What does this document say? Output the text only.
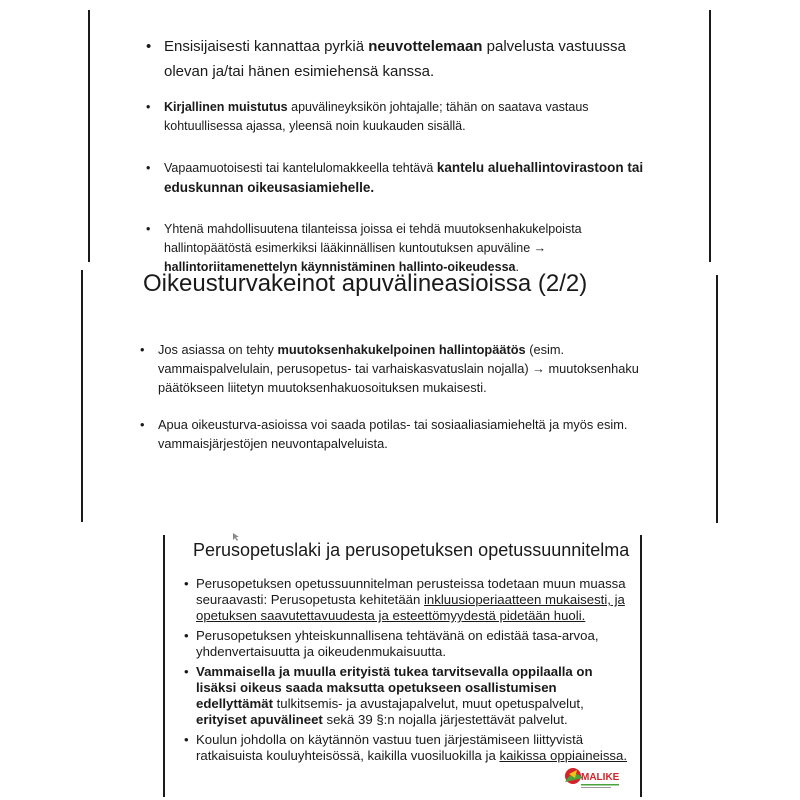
• Ensisijaisesti kannattaa pyrkiä neuvottelemaan palvelusta vastuussa olevan ja/tai hänen esimiehensä kanssa.
• Kirjallinen muistutus apuvälineyksikön johtajalle; tähän on saatava vastaus kohtuullisessa ajassa, yleensä noin kuukauden sisällä.
• Vapaamuotoisesti tai kantelulomakkeella tehtävä kantelu aluehallintovirastoon tai eduskunnan oikeusasiamiehelle.
• Yhtenä mahdollisuutena tilanteissa joissa ei tehdä muutoksenhakukelpoista hallintopäätöstä esimerkiksi lääkinnällisen kuntoutuksen apuväline → hallintoriitamenettelyn käynnistäminen hallinto-oikeudessa.
Oikeusturvakeinot apuvälineasioissa (2/2)
• Jos asiassa on tehty muutoksenhakukelpoinen hallintopäätös (esim. vammaispalvelulain, perusopetus- tai varhaiskasvatuslain nojalla) → muutoksenhaku päätökseen liitetyn muutoksenhakuosoituksen mukaisesti.
• Apua oikeusturva-asioissa voi saada potilas- tai sosiaaliasiamieheltä ja myös esim. vammaisjärjestöjen neuvontapalveluista.
Perusopetuslaki ja perusopetuksen opetussuunnitelma
• Perusopetuksen opetussuunnitelman perusteissa todetaan muun muassa seuraavasti: Perusopetusta kehitetään inkluusioperiaatteen mukaisesti, ja opetuksen saavutettavuudesta ja esteettömyydestä pidetään huoli.
• Perusopetuksen yhteiskunnallisena tehtävänä on edistää tasa-arvoa, yhdenvertaisuutta ja oikeudenmukaisuutta.
• Vammaisella ja muulla erityistä tukea tarvitsevalla oppilaalla on lisäksi oikeus saada maksutta opetukseen osallistumisen edellyttämät tulkitsemis- ja avustajapalvelut, muut opetuspalvelut, erityiset apuvälineet sekä 39 §:n nojalla järjestettävät palvelut.
• Koulun johdolla on käytännön vastuu tuen järjestämiseen liittyvistä ratkaisuista kouluyhteisössä, kaikilla vuosiluokilla ja kaikissa oppiaineissa.
MALIKE
